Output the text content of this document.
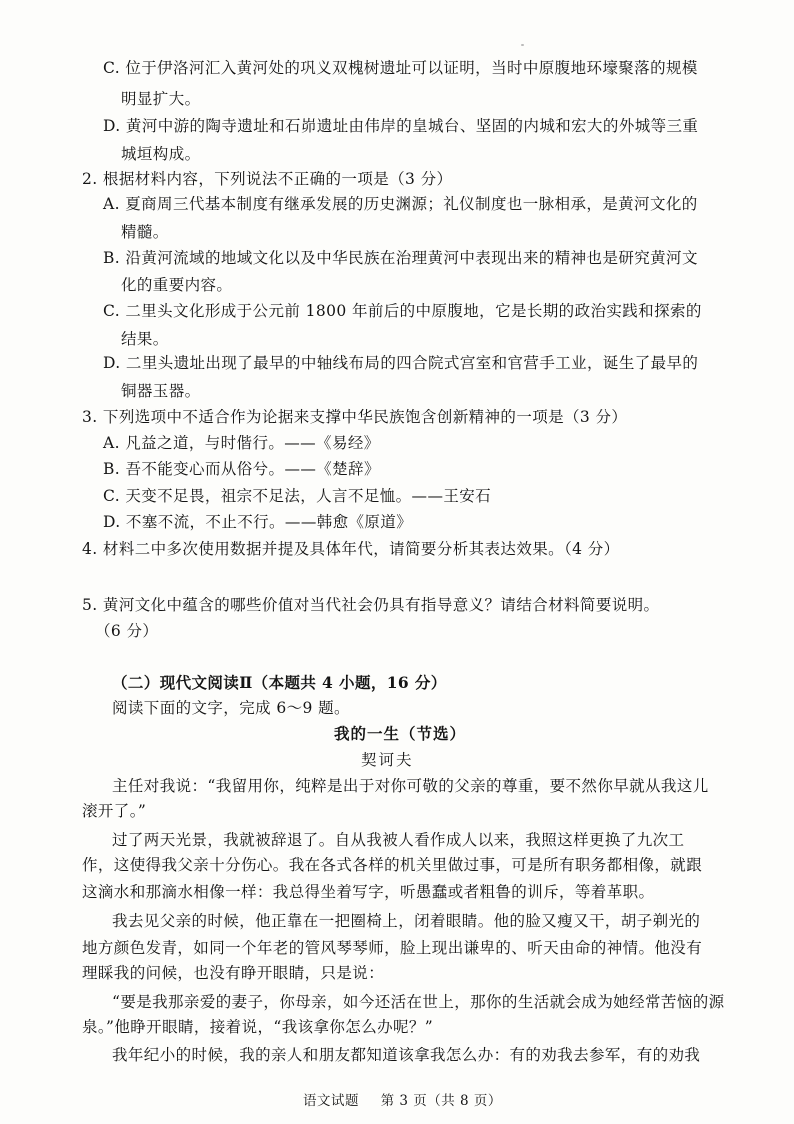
C. 位于伊洛河汇入黄河处的巩义双槐树遗址可以证明，当时中原腹地环壕聚落的规模
明显扩大。
D. 黄河中游的陶寺遗址和石峁遗址由伟岸的皇城台、坚固的内城和宏大的外城等三重
城垣构成。
2. 根据材料内容，下列说法不正确的一项是（3 分）
A. 夏商周三代基本制度有继承发展的历史渊源；礼仪制度也一脉相承，是黄河文化的
精髓。
B. 沿黄河流域的地域文化以及中华民族在治理黄河中表现出来的精神也是研究黄河文
化的重要内容。
C. 二里头文化形成于公元前 1800 年前后的中原腹地，它是长期的政治实践和探索的
结果。
D. 二里头遗址出现了最早的中轴线布局的四合院式宫室和官营手工业，诞生了最早的
铜器玉器。
3. 下列选项中不适合作为论据来支撑中华民族饱含创新精神的一项是（3 分）
A. 凡益之道，与时偕行。——《易经》
B. 吾不能变心而从俗兮。——《楚辞》
C. 天变不足畏，祖宗不足法，人言不足恤。——王安石
D. 不塞不流，不止不行。——韩愈《原道》
4. 材料二中多次使用数据并提及具体年代，请简要分析其表达效果。（4 分）
5. 黄河文化中蕴含的哪些价值对当代社会仍具有指导意义？请结合材料简要说明。
（6 分）
（二）现代文阅读Ⅱ（本题共 4 小题，16 分）
阅读下面的文字，完成 6～9 题。
我的一生（节选）
契诃夫
主任对我说：“我留用你，纯粹是出于对你可敬的父亲的尊重，要不然你早就从我这儿
滚开了。”
过了两天光景，我就被辞退了。自从我被人看作成人以来，我照这样更换了九次工
作，这使得我父亲十分伤心。我在各式各样的机关里做过事，可是所有职务都相像，就跟
这滴水和那滴水相像一样：我总得坐着写字，听愚蠢或者粗鲁的训斥，等着革职。
我去见父亲的时候，他正靠在一把圈椅上，闭着眼睛。他的脸又瘦又干，胡子剃光的
地方颜色发青，如同一个年老的管风琴琴师，脸上现出谦卑的、听天由命的神情。他没有
理睬我的问候，也没有睁开眼睛，只是说：
“要是我那亲爱的妻子，你母亲，如今还活在世上，那你的生活就会成为她经常苦恼的源
泉。”他睁开眼睛，接着说，“我该拿你怎么办呢？”
我年纪小的时候，我的亲人和朋友都知道该拿我怎么办：有的劝我去参军，有的劝我
语文试题 第 3 页（共 8 页）
